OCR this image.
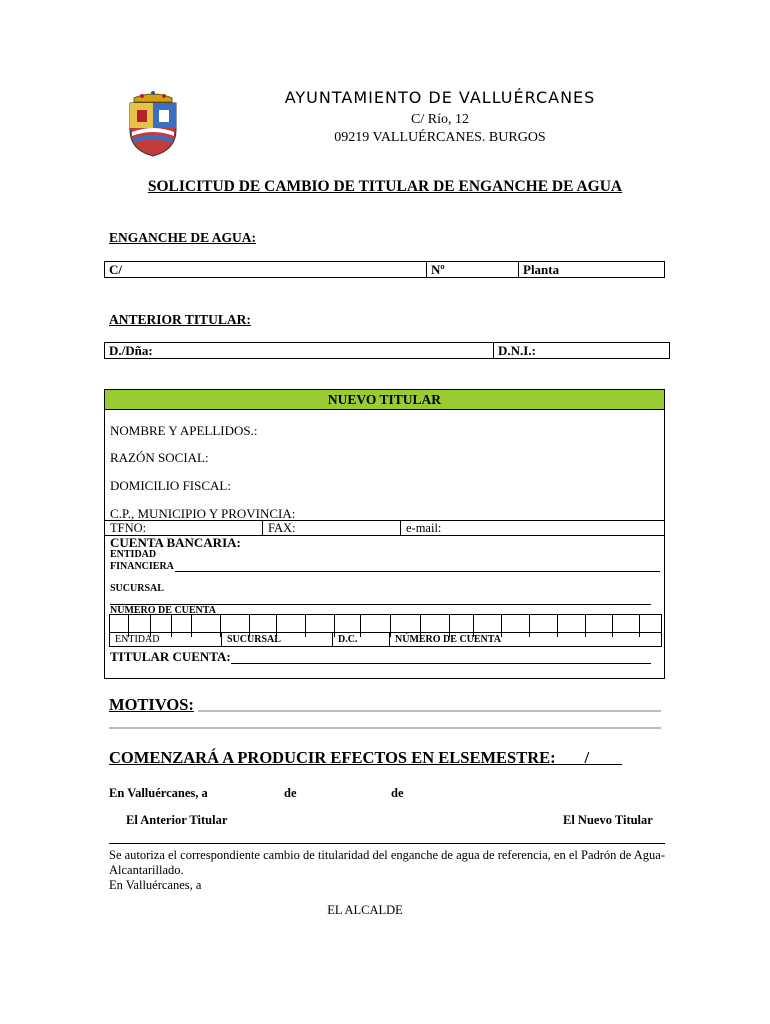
AYUNTAMIENTO DE VALLUÉRCANES
C/ Río, 12
09219 VALLUÉRCANES. BURGOS
SOLICITUD DE CAMBIO DE TITULAR DE ENGANCHE DE AGUA
ENGANCHE DE AGUA:
C/	Nº	Planta
ANTERIOR TITULAR:
D./Dña:	D.N.I.:
NUEVO TITULAR
NOMBRE Y APELLIDOS.:
RAZÓN SOCIAL:
DOMICILIO FISCAL:
C.P., MUNICIPIO Y PROVINCIA:
TFNO:	FAX:	e-mail:
CUENTA BANCARIA:
ENTIDAD
FINANCIERA
SUCURSAL
NÚMERO DE CUENTA
ENTIDAD	SUCURSAL	D.C.	NÚMERO DE CUENTA
TITULAR CUENTA:
MOTIVOS:
COMENZARÁ A PRODUCIR EFECTOS EN ELSEMESTRE: /
En Valluércanes, a	de	de
El Anterior Titular	El Nuevo Titular
Se autoriza el correspondiente cambio de titularidad del enganche de agua de referencia, en el Padrón de Agua-Alcantarillado.
En Valluércanes, a
EL ALCALDE
